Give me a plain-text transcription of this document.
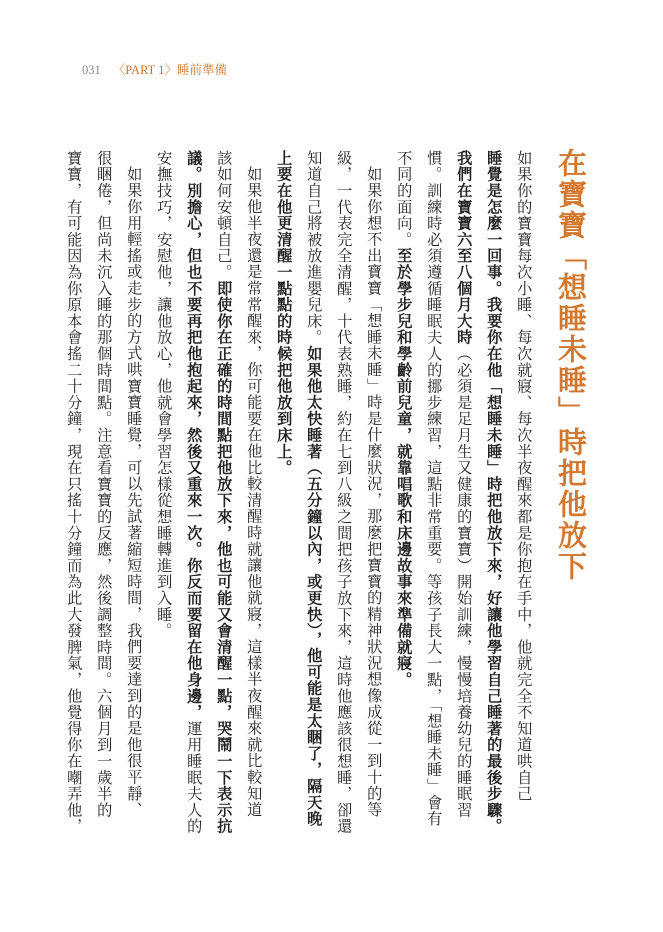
031 〈PART 1〉睡前準備
在寶寶「想睡未睡」時把他放下
如果你的寶寶每次小睡、每次就寢、每次半夜醒來都是你抱在手中，他就完全不知道哄自己
睡覺是怎麼一回事。我要你在他「想睡未睡」時把他放下來，好讓他學習自己睡著的最後步驟。
我們在寶寶六至八個月大時（必須是足月生又健康的寶寶）開始訓練，慢慢培養幼兒的睡眠習
慣。訓練時必須遵循睡眠夫人的挪步練習，這點非常重要。等孩子長大一點，「想睡未睡」會有
不同的面向。至於學步兒和學齡前兒童，就靠唱歌和床邊故事來準備就寢。
如果你想不出寶寶「想睡未睡」時是什麼狀況，那麼把寶寶的精神狀況想像成從一到十的等
級，一代表完全清醒，十代表熟睡，約在七到八級之間把孩子放下來，這時他應該很想睡，卻還
知道自己將被放進嬰兒床。如果他太快睡著（五分鐘以內，或更快），他可能是太睏了，隔天晚
上要在他更清醒一點點的時候把他放到床上。
如果他半夜還是常常醒來，你可能要在他比較清醒時就讓他就寢，這樣半夜醒來就比較知道
該如何安頓自己。即使你在正確的時間點把他放下來，他也可能又會清醒一點，哭鬧一下表示抗
議。別擔心，但也不要再把他抱起來，然後又重來一次。你反而要留在他身邊，運用睡眠夫人的
安撫技巧，安慰他，讓他放心，他就會學習怎樣從想睡轉進到入睡。
如果你用輕搖或走步的方式哄寶寶睡覺，可以先試著縮短時間，我們要達到的是他很平靜、
很睏倦，但尚未沉入睡的那個時間點。注意看寶寶的反應，然後調整時間。六個月到一歲半的
寶寶，有可能因為你原本會搖二十分鐘，現在只搖十分鐘而為此大發脾氣，他覺得你在嘲弄他，
